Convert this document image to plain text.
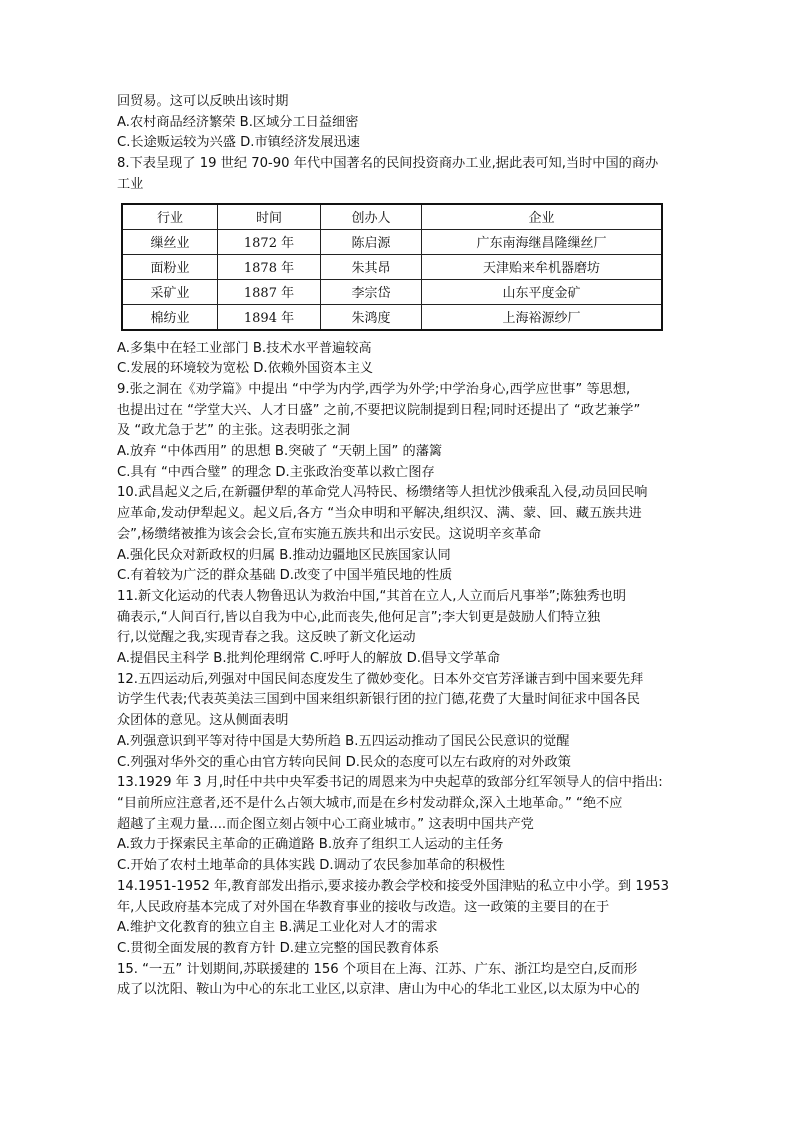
回贸易。这可以反映出该时期
A.农村商品经济繁荣 B.区域分工日益细密
C.长途贩运较为兴盛 D.市镇经济发展迅速
8.下表呈现了 19 世纪 70-90 年代中国著名的民间投资商办工业,据此表可知,当时中国的商办
工业
行业	时间	创办人	企业
缫丝业	1872 年	陈启源	广东南海继昌隆缫丝厂
面粉业	1878 年	朱其昂	天津贻来牟机器磨坊
采矿业	1887 年	李宗岱	山东平度金矿
棉纺业	1894 年	朱鸿度	上海裕源纱厂
A.多集中在轻工业部门 B.技术水平普遍较高
C.发展的环境较为宽松 D.依赖外国资本主义
9.张之洞在《劝学篇》中提出 “中学为内学,西学为外学;中学治身心,西学应世事” 等思想,
也提出过在 “学堂大兴、人才日盛” 之前,不要把议院制提到日程;同时还提出了 “政艺兼学”
及 “政尤急于艺” 的主张。这表明张之洞
A.放弃 “中体西用” 的思想 B.突破了 “天朝上国” 的藩篱
C.具有 “中西合璧” 的理念 D.主张政治变革以救亡图存
10.武昌起义之后,在新疆伊犁的革命党人冯特民、杨缵绪等人担忧沙俄乘乱入侵,动员回民响
应革命,发动伊犁起义。起义后,各方 “当众申明和平解决,组织汉、满、蒙、回、藏五族共进
会”,杨缵绪被推为该会会长,宣布实施五族共和出示安民。这说明辛亥革命
A.强化民众对新政权的归属 B.推动边疆地区民族国家认同
C.有着较为广泛的群众基础 D.改变了中国半殖民地的性质
11.新文化运动的代表人物鲁迅认为救治中国,“其首在立人,人立而后凡事举”;陈独秀也明
确表示,“人间百行,皆以自我为中心,此而丧失,他何足言”;李大钊更是鼓励人们特立独
行,以觉醒之我,实现青春之我。这反映了新文化运动
A.提倡民主科学 B.批判伦理纲常 C.呼吁人的解放 D.倡导文学革命
12.五四运动后,列强对中国民间态度发生了微妙变化。日本外交官芳泽谦吉到中国来要先拜
访学生代表;代表英美法三国到中国来组织新银行团的拉门德,花费了大量时间征求中国各民
众团体的意见。这从侧面表明
A.列强意识到平等对待中国是大势所趋 B.五四运动推动了国民公民意识的觉醒
C.列强对华外交的重心由官方转向民间 D.民众的态度可以左右政府的对外政策
13.1929 年 3 月,时任中共中央军委书记的周恩来为中央起草的致部分红军领导人的信中指出:
“目前所应注意者,还不是什么占领大城市,而是在乡村发动群众,深入土地革命。” “绝不应
超越了主观力量....而企图立刻占领中心工商业城市。” 这表明中国共产党
A.致力于探索民主革命的正确道路 B.放弃了组织工人运动的主任务
C.开始了农村土地革命的具体实践 D.调动了农民参加革命的积极性
14.1951-1952 年,教育部发出指示,要求接办教会学校和接受外国津贴的私立中小学。到 1953
年,人民政府基本完成了对外国在华教育事业的接收与改造。这一政策的主要目的在于
A.维护文化教育的独立自主 B.满足工业化对人才的需求
C.贯彻全面发展的教育方针 D.建立完整的国民教育体系
15. “一五” 计划期间,苏联援建的 156 个项目在上海、江苏、广东、浙江均是空白,反而形
成了以沈阳、鞍山为中心的东北工业区,以京津、唐山为中心的华北工业区,以太原为中心的
